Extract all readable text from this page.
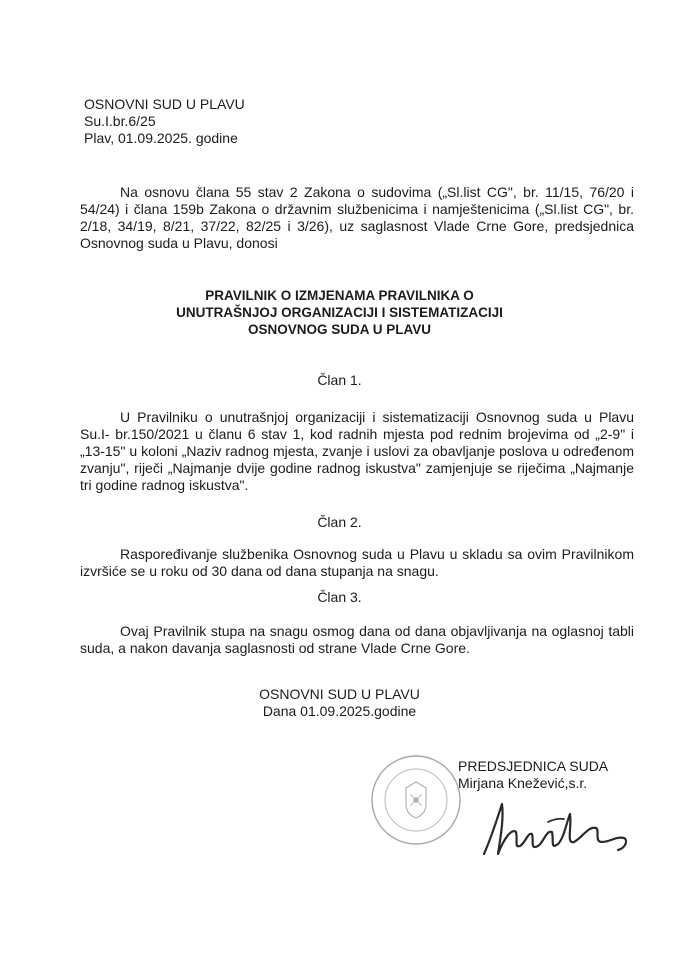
OSNOVNI SUD U PLAVU
Su.I.br.6/25
Plav, 01.09.2025. godine
Na osnovu člana 55 stav 2 Zakona o sudovima („Sl.list CG", br. 11/15, 76/20 i 54/24) i člana 159b Zakona o državnim službenicima i namještenicima („Sl.list CG", br. 2/18, 34/19, 8/21, 37/22, 82/25 i 3/26), uz saglasnost Vlade Crne Gore, predsjednica Osnovnog suda u Plavu, donosi
PRAVILNIK O IZMJENAMA PRAVILNIKA O
UNUTRAŠNJOJ ORGANIZACIJI I SISTEMATIZACIJI
OSNOVNOG SUDA U PLAVU
Član 1.
U Pravilniku o unutrašnjoj organizaciji i sistematizaciji Osnovnog suda u Plavu Su.I- br.150/2021 u članu 6 stav 1, kod radnih mjesta pod rednim brojevima od „2-9" i „13-15" u koloni „Naziv radnog mjesta, zvanje i uslovi za obavljanje poslova u određenom zvanju", riječi „Najmanje dvije godine radnog iskustva" zamjenjuje se riječima „Najmanje tri godine radnog iskustva".
Član 2.
Raspoređivanje službenika Osnovnog suda u Plavu u skladu sa ovim Pravilnikom izvršiće se u roku od 30 dana od dana stupanja na snagu.
Član 3.
Ovaj Pravilnik stupa na snagu osmog dana od dana objavljivanja na oglasnoj tabli suda, a nakon davanja saglasnosti od strane Vlade Crne Gore.
OSNOVNI SUD U PLAVU
Dana 01.09.2025.godine
PREDSJEDNICA SUDA
Mirjana Knežević,s.r.
